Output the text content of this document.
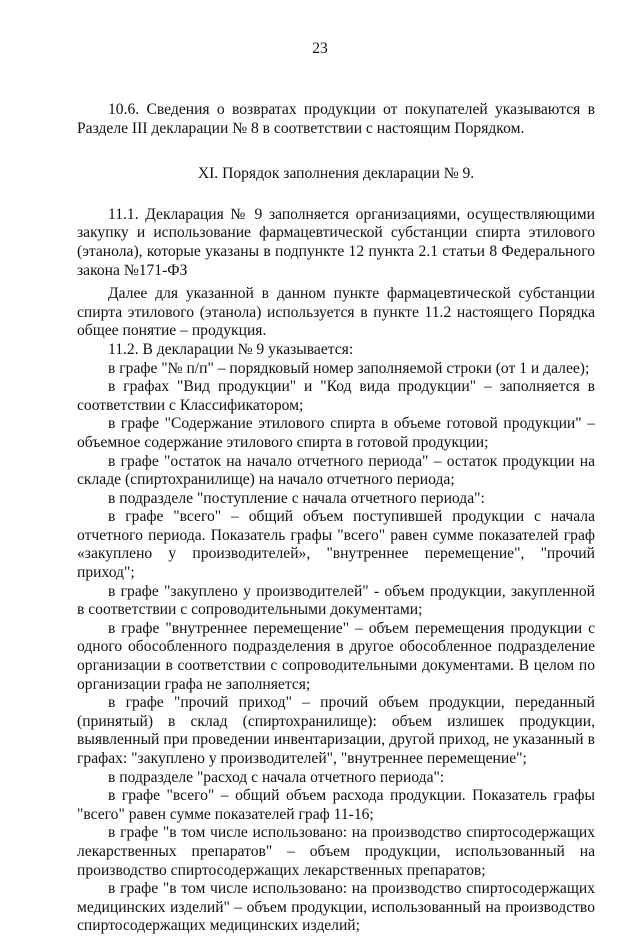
23

10.6. Сведения о возвратах продукции от покупателей указываются в Разделе III декларации № 8 в соответствии с настоящим Порядком.

XI. Порядок заполнения декларации № 9.

11.1. Декларация № 9 заполняется организациями, осуществляющими закупку и использование фармацевтической субстанции спирта этилового (этанола), которые указаны в подпункте 12 пункта 2.1 статьи 8 Федерального закона №171-ФЗ

Далее для указанной в данном пункте фармацевтической субстанции спирта этилового (этанола) используется в пункте 11.2 настоящего Порядка общее понятие – продукция.

11.2. В декларации № 9 указывается:

в графе "№ п/п" – порядковый номер заполняемой строки (от 1 и далее);

в графах "Вид продукции" и "Код вида продукции" – заполняется в соответствии с Классификатором;

в графе "Содержание этилового спирта в объеме готовой продукции" – объемное содержание этилового спирта в готовой продукции;

в графе "остаток на начало отчетного периода" – остаток продукции на складе (спиртохранилище) на начало отчетного периода;

в подразделе "поступление с начала отчетного периода":

в графе "всего" – общий объем поступившей продукции с начала отчетного периода. Показатель графы "всего" равен сумме показателей граф «закуплено у производителей», "внутреннее перемещение", "прочий приход";

в графе "закуплено у производителей" - объем продукции, закупленной в соответствии с сопроводительными документами;

в графе "внутреннее перемещение" – объем перемещения продукции с одного обособленного подразделения в другое обособленное подразделение организации в соответствии с сопроводительными документами. В целом по организации графа не заполняется;

в графе "прочий приход" – прочий объем продукции, переданный (принятый) в склад (спиртохранилище): объем излишек продукции, выявленный при проведении инвентаризации, другой приход, не указанный в графах: "закуплено у производителей", "внутреннее перемещение";

в подразделе "расход с начала отчетного периода":

в графе "всего" – общий объем расхода продукции. Показатель графы "всего" равен сумме показателей граф 11-16;

в графе "в том числе использовано: на производство спиртосодержащих лекарственных препаратов" – объем продукции, использованный на производство спиртосодержащих лекарственных препаратов;

в графе "в том числе использовано: на производство спиртосодержащих медицинских изделий" – объем продукции, использованный на производство спиртосодержащих медицинских изделий;
